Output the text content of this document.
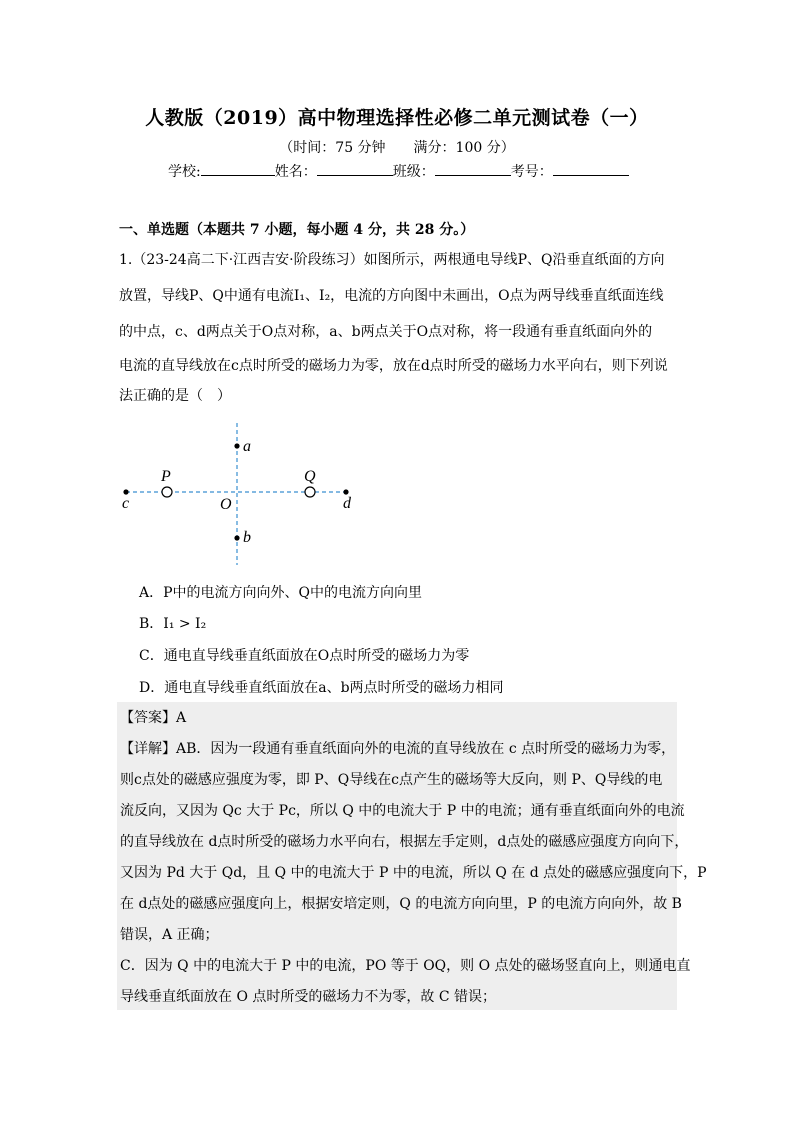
人教版（2019）高中物理选择性必修二单元测试卷（一）
（时间：75 分钟　　满分：100 分）
学校:	姓名：	班级：	考号：
一、单选题（本题共 7 小题，每小题 4 分，共 28 分。）
1.（23-24高二下·江西吉安·阶段练习）如图所示，两根通电导线P、Q沿垂直纸面的方向
放置，导线P、Q中通有电流I₁、I₂，电流的方向图中未画出，O点为两导线垂直纸面连线
的中点，c、d两点关于O点对称，a、b两点关于O点对称，将一段通有垂直纸面向外的
电流的直导线放在c点时所受的磁场力为零，放在d点时所受的磁场力水平向右，则下列说
法正确的是（　）
a
b
c	d
O
P	Q
A．P中的电流方向向外、Q中的电流方向向里
B．I₁ > I₂
C．通电直导线垂直纸面放在O点时所受的磁场力为零
D．通电直导线垂直纸面放在a、b两点时所受的磁场力相同
【答案】A
【详解】AB．因为一段通有垂直纸面向外的电流的直导线放在 c 点时所受的磁场力为零，
则c点处的磁感应强度为零，即 P、Q导线在c点产生的磁场等大反向，则 P、Q导线的电
流反向，又因为 Qc 大于 Pc，所以 Q 中的电流大于 P 中的电流；通有垂直纸面向外的电流
的直导线放在 d点时所受的磁场力水平向右，根据左手定则，d点处的磁感应强度方向向下，
又因为 Pd 大于 Qd，且 Q 中的电流大于 P 中的电流，所以 Q 在 d 点处的磁感应强度向下，P
在 d点处的磁感应强度向上，根据安培定则，Q 的电流方向向里，P 的电流方向向外，故 B
错误，A 正确；
C．因为 Q 中的电流大于 P 中的电流，PO 等于 OQ，则 O 点处的磁场竖直向上，则通电直
导线垂直纸面放在 O 点时所受的磁场力不为零，故 C 错误；
